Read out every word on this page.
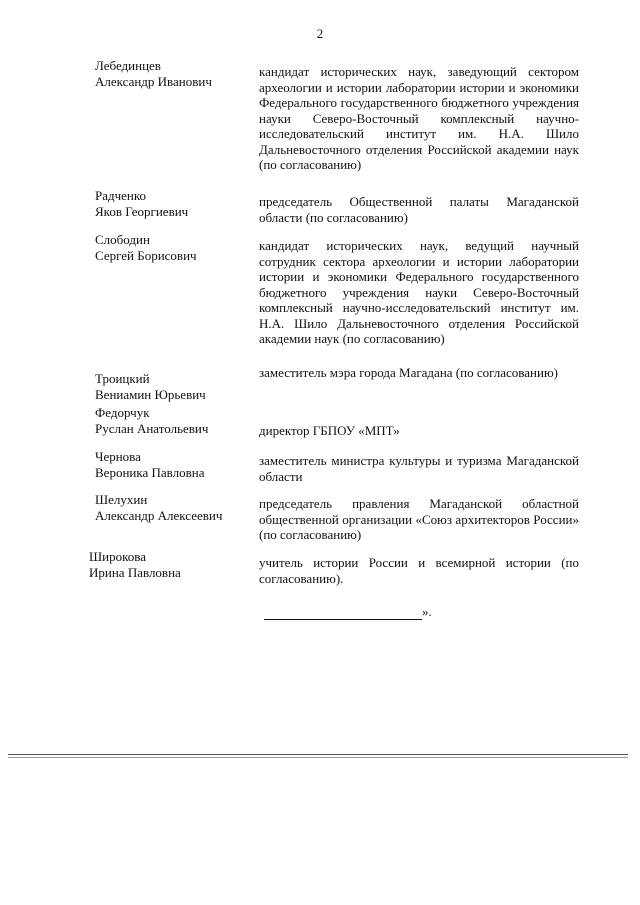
2
Лебединцев
Александр Иванович
кандидат исторических наук, заведующий сектором археологии и истории лаборатории истории и экономики Федерального государственного бюджетного учреждения науки Северо-Восточный комплексный научно-исследовательский институт им. Н.А. Шило Дальневосточного отделения Российской академии наук (по согласованию)
Радченко
Яков Георгиевич
председатель Общественной палаты Магаданской области (по согласованию)
Слободин
Сергей Борисович
кандидат исторических наук, ведущий научный сотрудник сектора археологии и истории лаборатории истории и экономики Федерального государственного бюджетного учреждения науки Северо-Восточный комплексный научно-исследовательский институт им. Н.А. Шило Дальневосточного отделения Российской академии наук (по согласованию)
Троицкий
Вениамин Юрьевич
заместитель мэра города Магадана (по согласованию)
Федорчук
Руслан Анатольевич	директор ГБПОУ «МПТ»
Чернова
Вероника Павловна
заместитель министра культуры и туризма Магаданской области
Шелухин
Александр Алексеевич
председатель правления Магаданской областной общественной организации «Союз архитекторов России» (по согласованию)
Широкова
Ирина Павловна
учитель истории России и всемирной истории (по согласованию).
».
